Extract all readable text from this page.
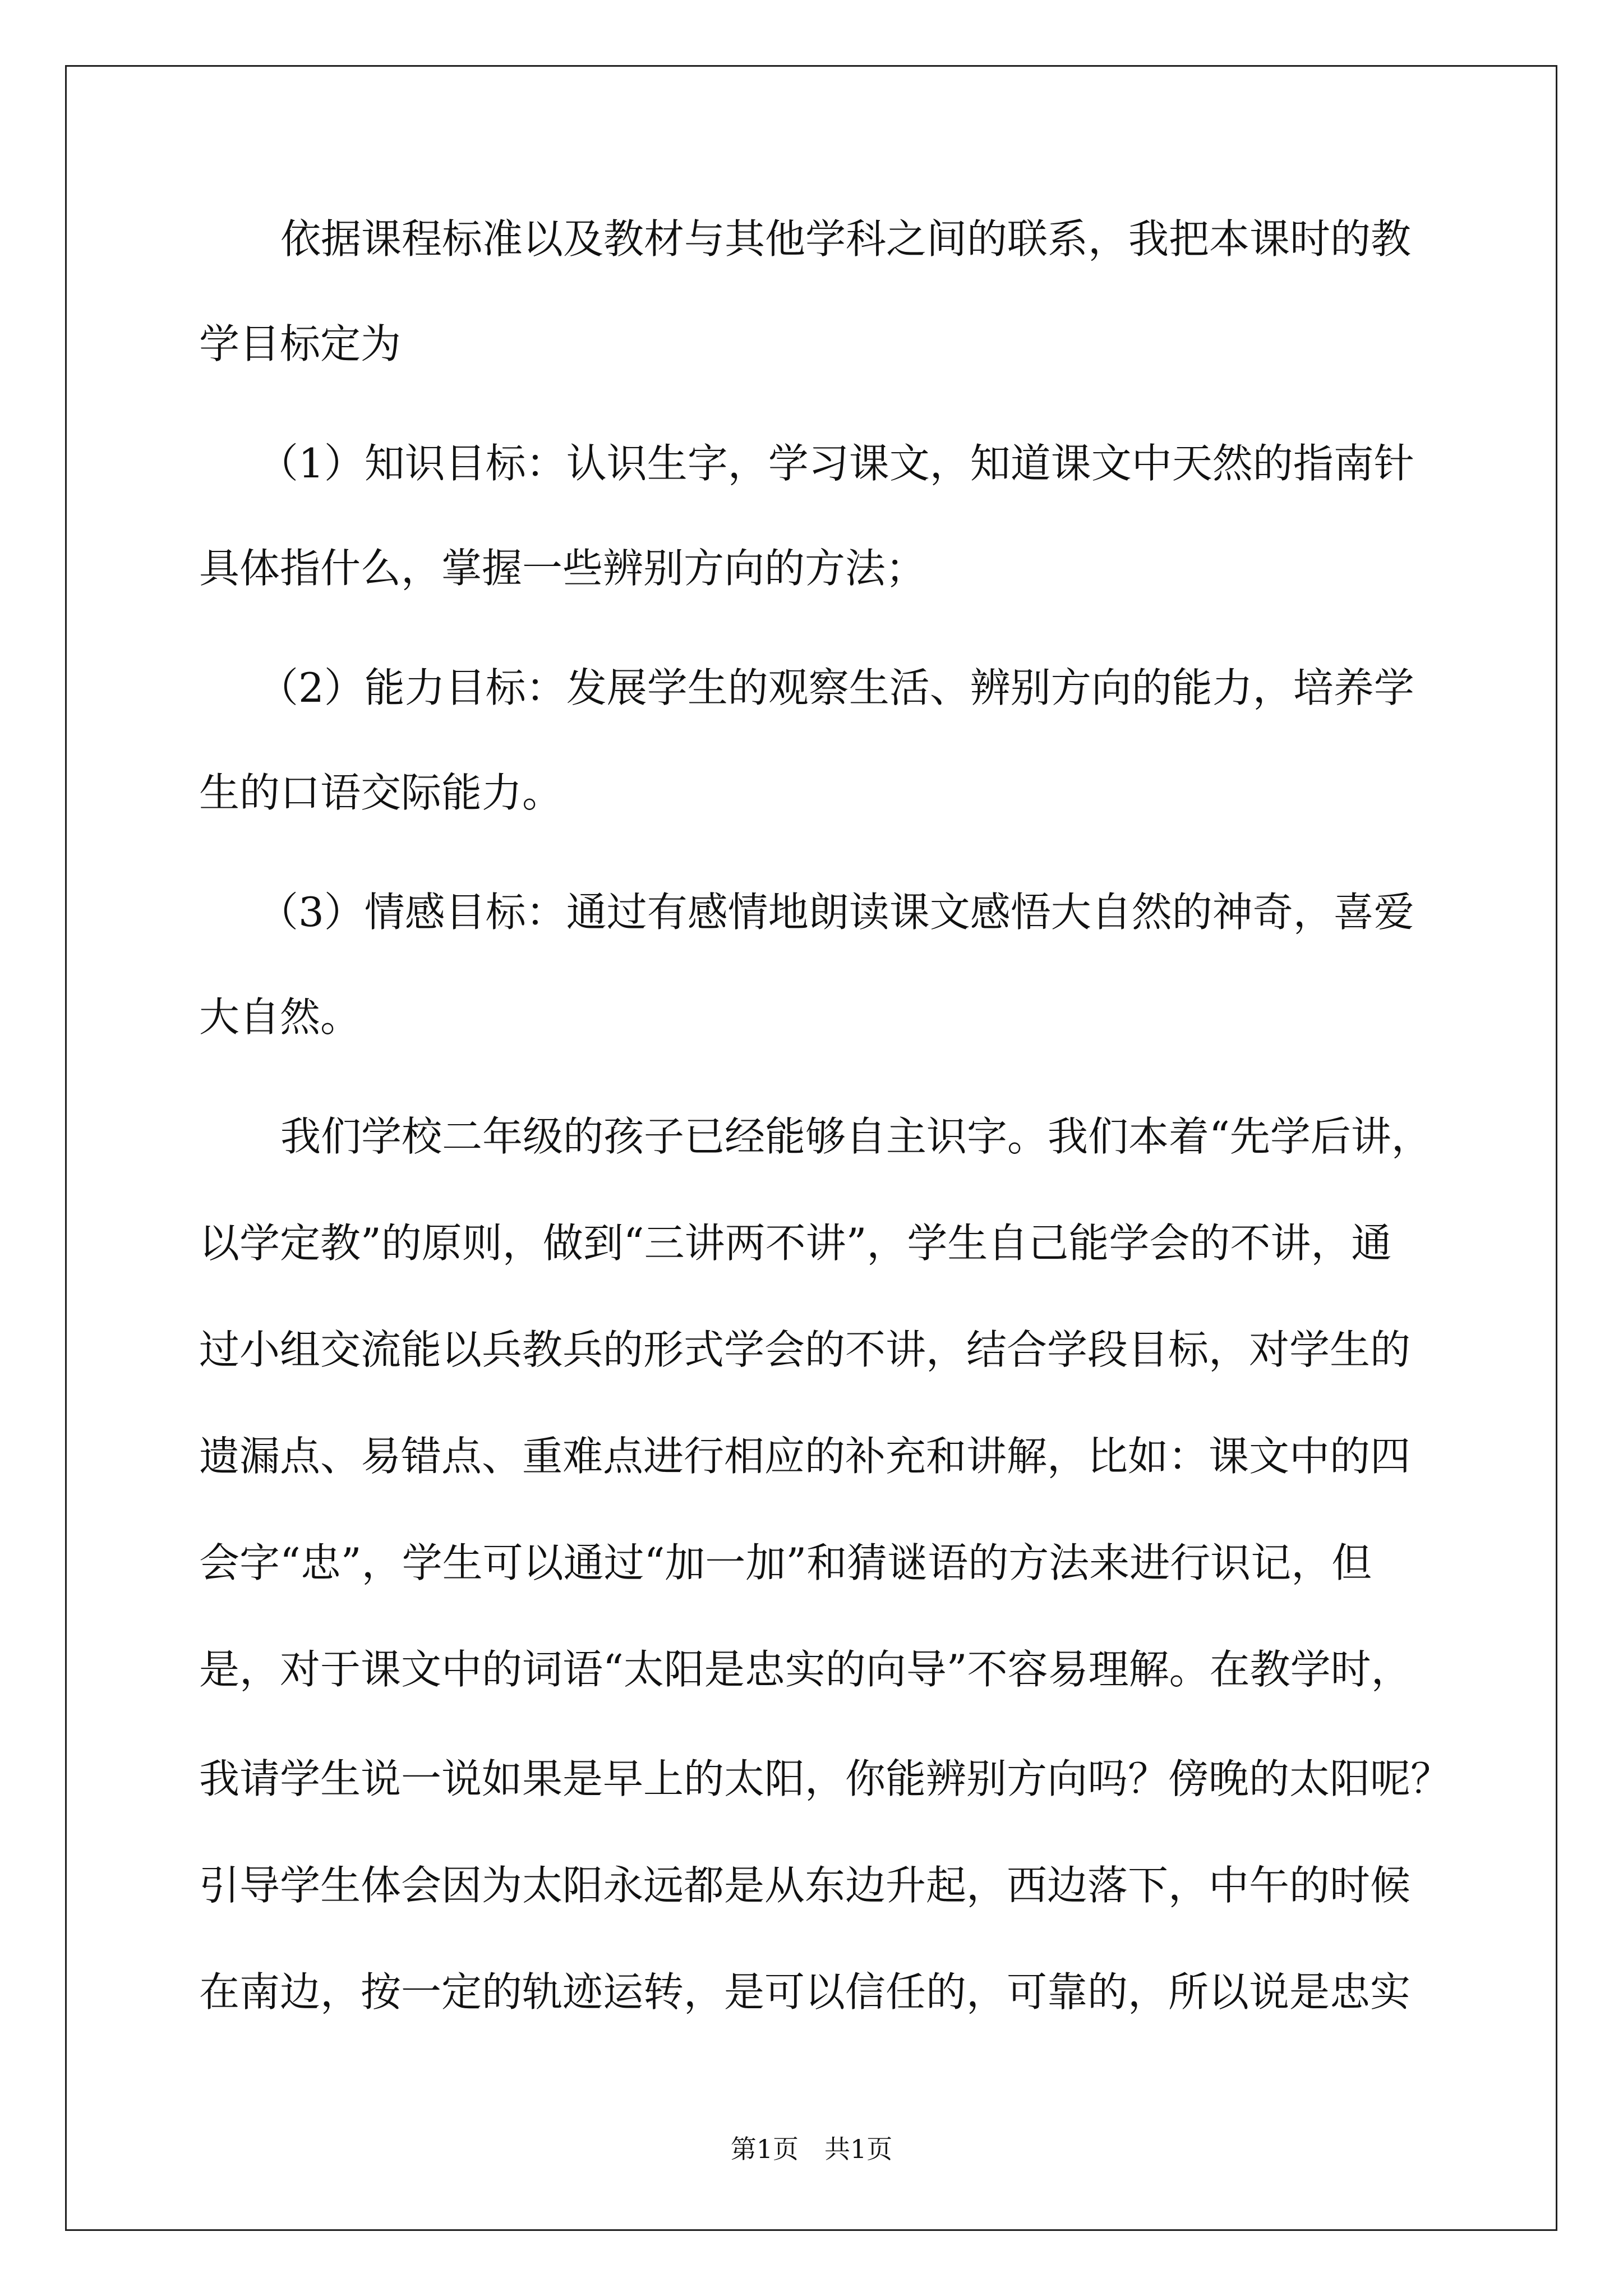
依据课程标准以及教材与其他学科之间的联系，我把本课时的教
学目标定为
（1）知识目标：认识生字，学习课文，知道课文中天然的指南针
具体指什么，掌握一些辨别方向的方法；
（2）能力目标：发展学生的观察生活、辨别方向的能力，培养学
生的口语交际能力。
（3）情感目标：通过有感情地朗读课文感悟大自然的神奇，喜爱
大自然。
我们学校二年级的孩子已经能够自主识字。我们本着“先学后讲，
以学定教”的原则，做到“三讲两不讲”，学生自己能学会的不讲，通
过小组交流能以兵教兵的形式学会的不讲，结合学段目标，对学生的
遗漏点、易错点、重难点进行相应的补充和讲解，比如：课文中的四
会字“忠”，学生可以通过“加一加”和猜谜语的方法来进行识记，但
是，对于课文中的词语“太阳是忠实的向导”不容易理解。在教学时，
我请学生说一说如果是早上的太阳，你能辨别方向吗？傍晚的太阳呢？
引导学生体会因为太阳永远都是从东边升起，西边落下，中午的时候
在南边，按一定的轨迹运转，是可以信任的，可靠的，所以说是忠实
第1页　共1页
